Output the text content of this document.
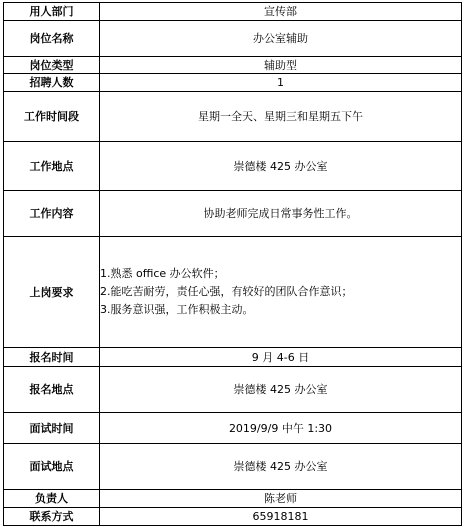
用人部门	宣传部
岗位名称	办公室辅助
岗位类型	辅助型
招聘人数	1
工作时间段	星期一全天、星期三和星期五下午
工作地点	崇德楼 425 办公室
工作内容	协助老师完成日常事务性工作。
上岗要求	1.熟悉 office 办公软件；
2.能吃苦耐劳，责任心强，有较好的团队合作意识；
3.服务意识强，工作积极主动。

报名时间	9 月 4-6 日
报名地点	崇德楼 425 办公室
面试时间	2019/9/9 中午 1:30
面试地点	崇德楼 425 办公室
负责人	陈老师
联系方式	65918181
